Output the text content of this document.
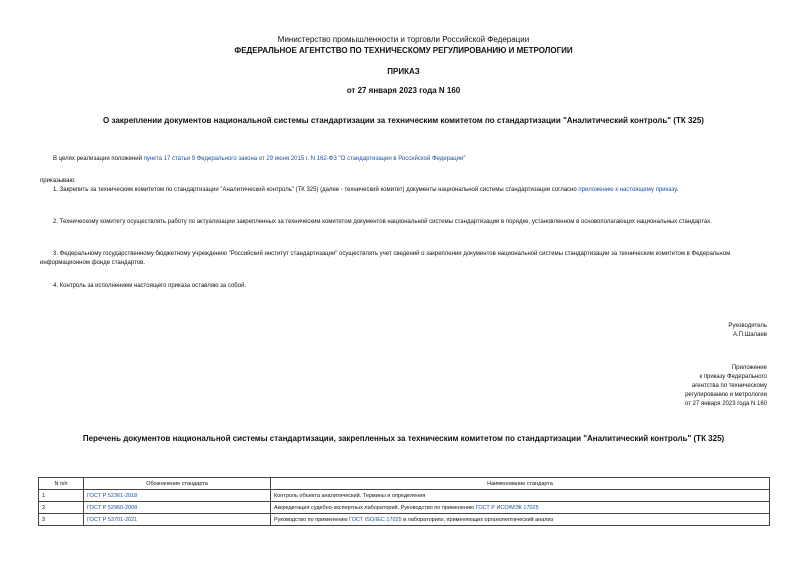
Министерство промышленности и торговли Российской Федерации
ФЕДЕРАЛЬНОЕ АГЕНТСТВО ПО ТЕХНИЧЕСКОМУ РЕГУЛИРОВАНИЮ И МЕТРОЛОГИИ
ПРИКАЗ
от 27 января 2023 года N 160
О закреплении документов национальной системы стандартизации за техническим комитетом по стандартизации "Аналитический контроль" (ТК 325)
В целях реализации положений пункта 17 статьи 9 Федерального закона от 29 июня 2015 г. N 162-ФЗ "О стандартизации в Российской Федерации"
приказываю:
1. Закрепить за техническим комитетом по стандартизации "Аналитический контроль" (ТК 325) (далее - технический комитет) документы национальной системы стандартизации согласно приложению к настоящему приказу.
2. Техническому комитету осуществлять работу по актуализации закрепленных за техническим комитетом документов национальной системы стандартизации в порядке, установленном в основополагающих национальных стандартах.
3. Федеральному государственному бюджетному учреждению "Российский институт стандартизации" осуществлять учет сведений о закреплении документов национальной системы стандартизации за техническим комитетом в Федеральном информационном фонде стандартов.
4. Контроль за исполнением настоящего приказа оставляю за собой.
Руководитель
А.П.Шалаев
Приложение
к приказу Федерального
агентства по техническому
регулированию и метрологии
от 27 января 2023 года N 160
Перечень документов национальной системы стандартизации, закрепленных за техническим комитетом по стандартизации "Аналитический контроль" (ТК 325)
N п/п	Обозначение стандарта	Наименование стандарта
1	ГОСТ Р 52361-2018	Контроль объекта аналитический. Термины и определения
2	ГОСТ Р 52960-2008	Аккредитация судебно-экспертных лабораторий. Руководство по применению ГОСТ Р ИСО/МЭК 17025
3	ГОСТ Р 53701-2021	Руководство по применению ГОСТ ISO/IEC 17025 в лабораториях, применяющих органолептический анализ
